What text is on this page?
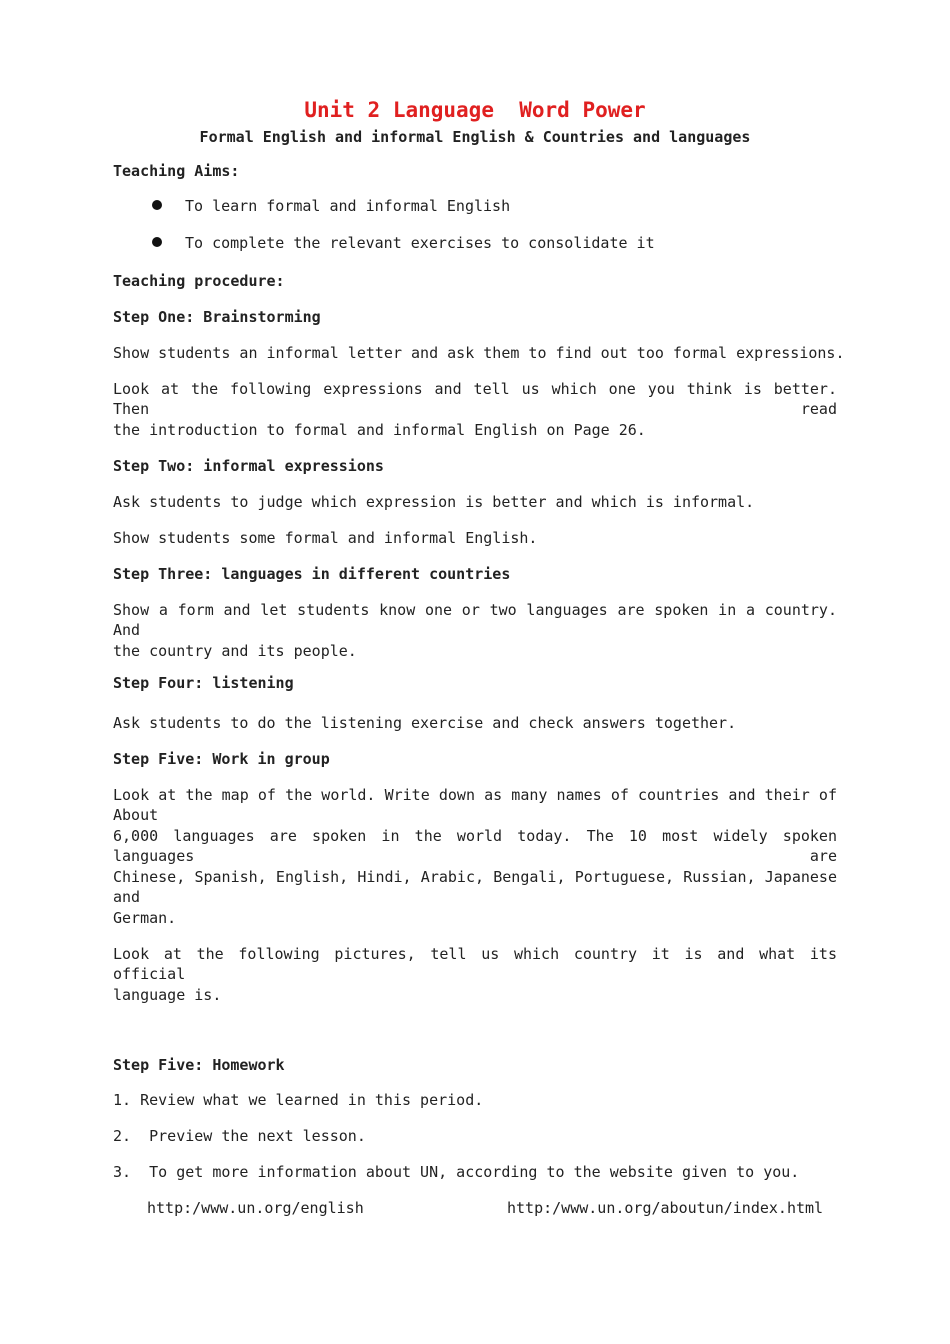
Unit 2 Language  Word Power
Formal English and informal English & Countries and languages
Teaching Aims:
To learn formal and informal English
To complete the relevant exercises to consolidate it
Teaching procedure:
Step One: Brainstorming
Show students an informal letter and ask them to find out too formal expressions.
Look at the following expressions and tell us which one you think is better. Then read
the introduction to formal and informal English on Page 26.
Step Two: informal expressions
Ask students to judge which expression is better and which is informal.
Show students some formal and informal English.
Step Three: languages in different countries
Show a form and let students know one or two languages are spoken in a country. And
the country and its people.
Step Four: listening
Ask students to do the listening exercise and check answers together.
Step Five: Work in group
Look at the map of the world. Write down as many names of countries and their of About
6,000 languages are spoken in the world today. The 10 most widely spoken languages are
Chinese, Spanish, English, Hindi, Arabic, Bengali, Portuguese, Russian, Japanese and
German.
Look at the following pictures, tell us which country it is and what its official
language is.
Step Five: Homework
1. Review what we learned in this period.
2.  Preview the next lesson.
3.  To get more information about UN, according to the website given to you.
http:/www.un.org/english	http:/www.un.org/aboutun/index.html
